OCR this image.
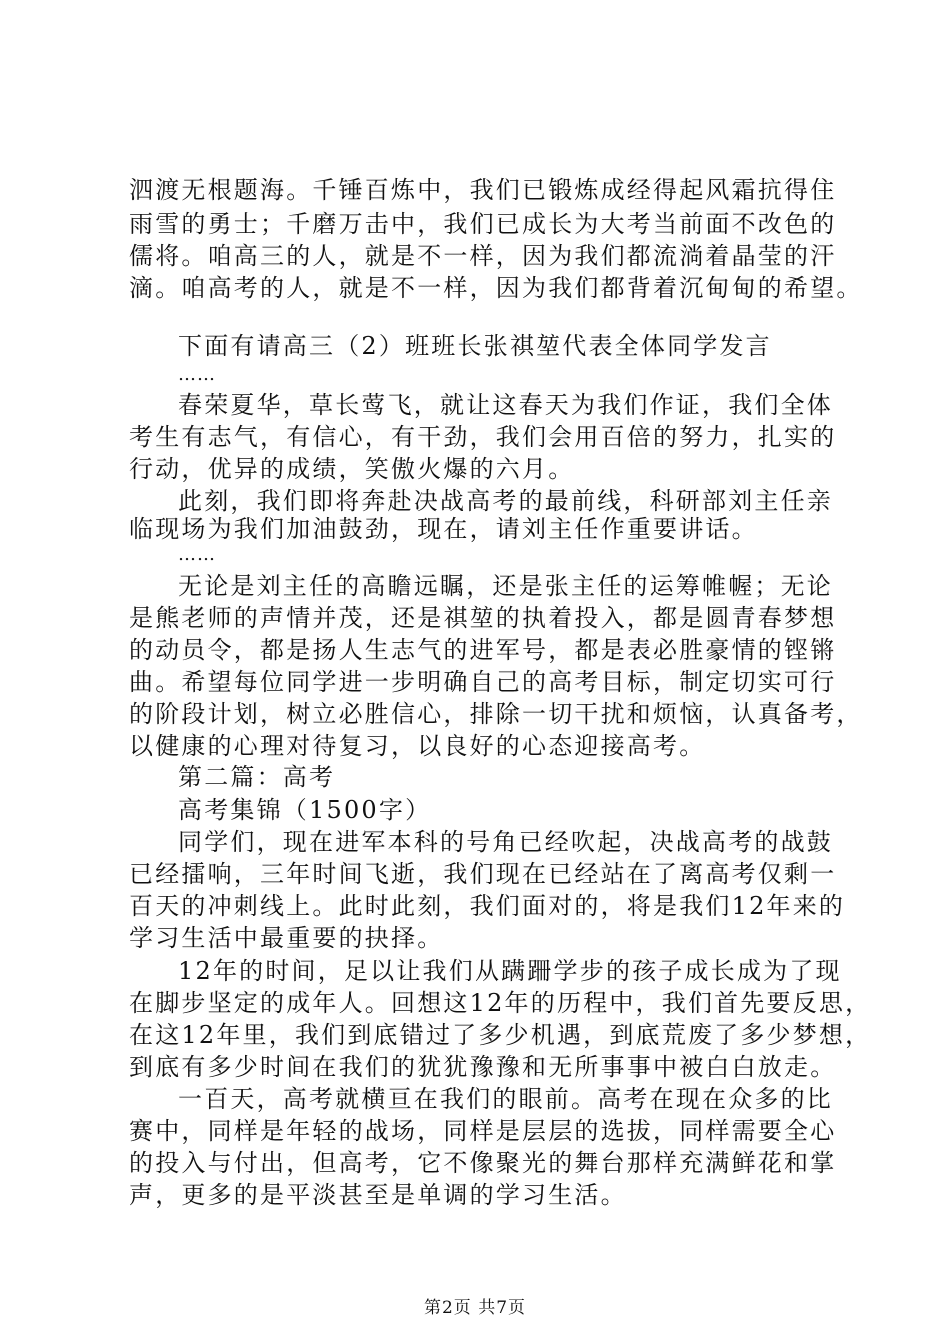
泗渡无根题海。千锤百炼中，我们已锻炼成经得起风霜抗得住
雨雪的勇士；千磨万击中，我们已成长为大考当前面不改色的
儒将。咱高三的人，就是不一样，因为我们都流淌着晶莹的汗
滴。咱高考的人，就是不一样，因为我们都背着沉甸甸的希望。
下面有请高三（2）班班长张祺堃代表全体同学发言
……
春荣夏华，草长莺飞，就让这春天为我们作证，我们全体
考生有志气，有信心，有干劲，我们会用百倍的努力，扎实的
行动，优异的成绩，笑傲火爆的六月。
此刻，我们即将奔赴决战高考的最前线，科研部刘主任亲
临现场为我们加油鼓劲，现在，请刘主任作重要讲话。
……
无论是刘主任的高瞻远瞩，还是张主任的运筹帷幄；无论
是熊老师的声情并茂，还是祺堃的执着投入，都是圆青春梦想
的动员令，都是扬人生志气的进军号，都是表必胜豪情的铿锵
曲。希望每位同学进一步明确自己的高考目标，制定切实可行
的阶段计划，树立必胜信心，排除一切干扰和烦恼，认真备考，
以健康的心理对待复习，以良好的心态迎接高考。
第二篇：高考
高考集锦（1500字）
同学们，现在进军本科的号角已经吹起，决战高考的战鼓
已经擂响，三年时间飞逝，我们现在已经站在了离高考仅剩一
百天的冲刺线上。此时此刻，我们面对的，将是我们12年来的
学习生活中最重要的抉择。
12年的时间，足以让我们从蹒跚学步的孩子成长成为了现
在脚步坚定的成年人。回想这12年的历程中，我们首先要反思，
在这12年里，我们到底错过了多少机遇，到底荒废了多少梦想，
到底有多少时间在我们的犹犹豫豫和无所事事中被白白放走。
一百天，高考就横亘在我们的眼前。高考在现在众多的比
赛中，同样是年轻的战场，同样是层层的选拔，同样需要全心
的投入与付出，但高考，它不像聚光的舞台那样充满鲜花和掌
声，更多的是平淡甚至是单调的学习生活。
第2页 共7页
